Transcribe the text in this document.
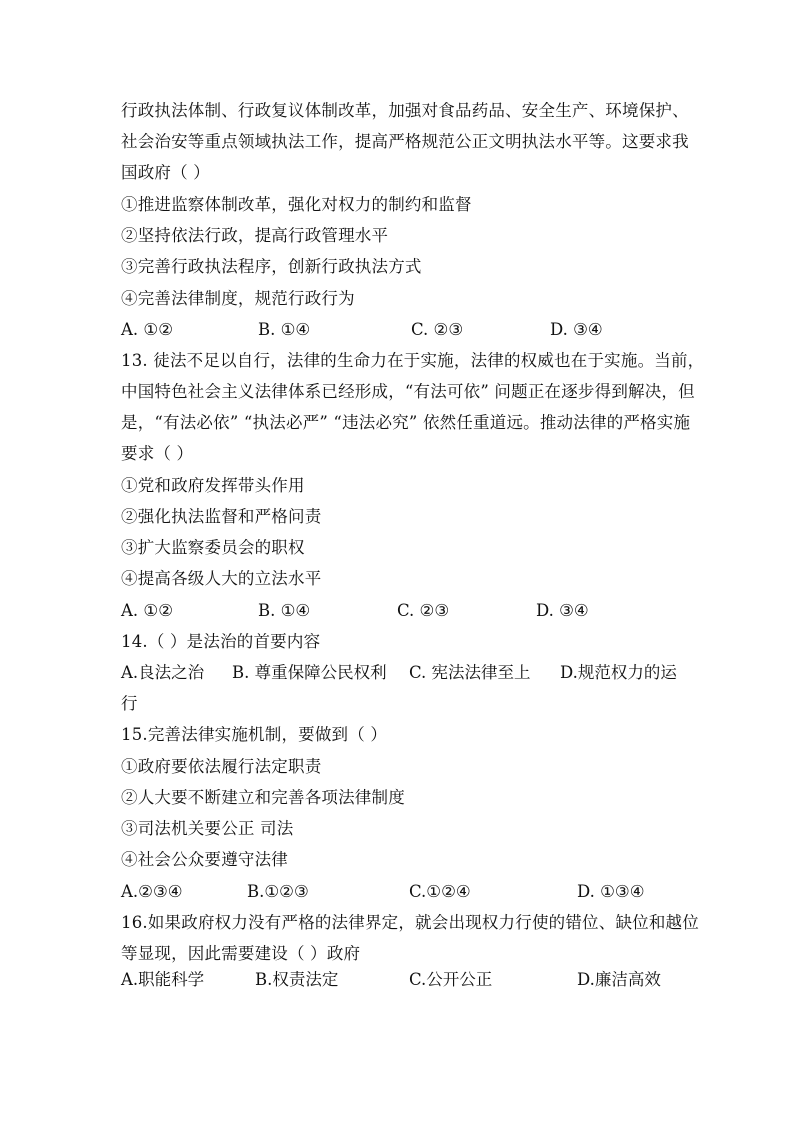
行政执法体制、行政复议体制改革，加强对食品药品、安全生产、环境保护、
社会治安等重点领域执法工作，提高严格规范公正文明执法水平等。这要求我
国政府（ ）
①推进监察体制改革，强化对权力的制约和监督
②坚持依法行政，提高行政管理水平
③完善行政执法程序，创新行政执法方式
④完善法律制度，规范行政行为
A. ①②	B. ①④	C. ②③	D. ③④
13. 徒法不足以自行，法律的生命力在于实施，法律的权威也在于实施。当前，
中国特色社会主义法律体系已经形成，“有法可依” 问题正在逐步得到解决，但
是，“有法必依” “执法必严” “违法必究” 依然任重道远。推动法律的严格实施
要求（ ）
①党和政府发挥带头作用
②强化执法监督和严格问责
③扩大监察委员会的职权
④提高各级人大的立法水平
A. ①②	B. ①④	C. ②③	D. ③④
14.（ ）是法治的首要内容
A.良法之治 B. 尊重保障公民权利 C. 宪法法律至上 D.规范权力的运
行
15.完善法律实施机制，要做到（ ）
①政府要依法履行法定职责
②人大要不断建立和完善各项法律制度
③司法机关要公正 司法
④社会公众要遵守法律
A.②③④	B.①②③	C.①②④	D. ①③④
16.如果政府权力没有严格的法律界定，就会出现权力行使的错位、缺位和越位
等显现，因此需要建设（ ）政府
A.职能科学	B.权责法定	C.公开公正	D.廉洁高效
